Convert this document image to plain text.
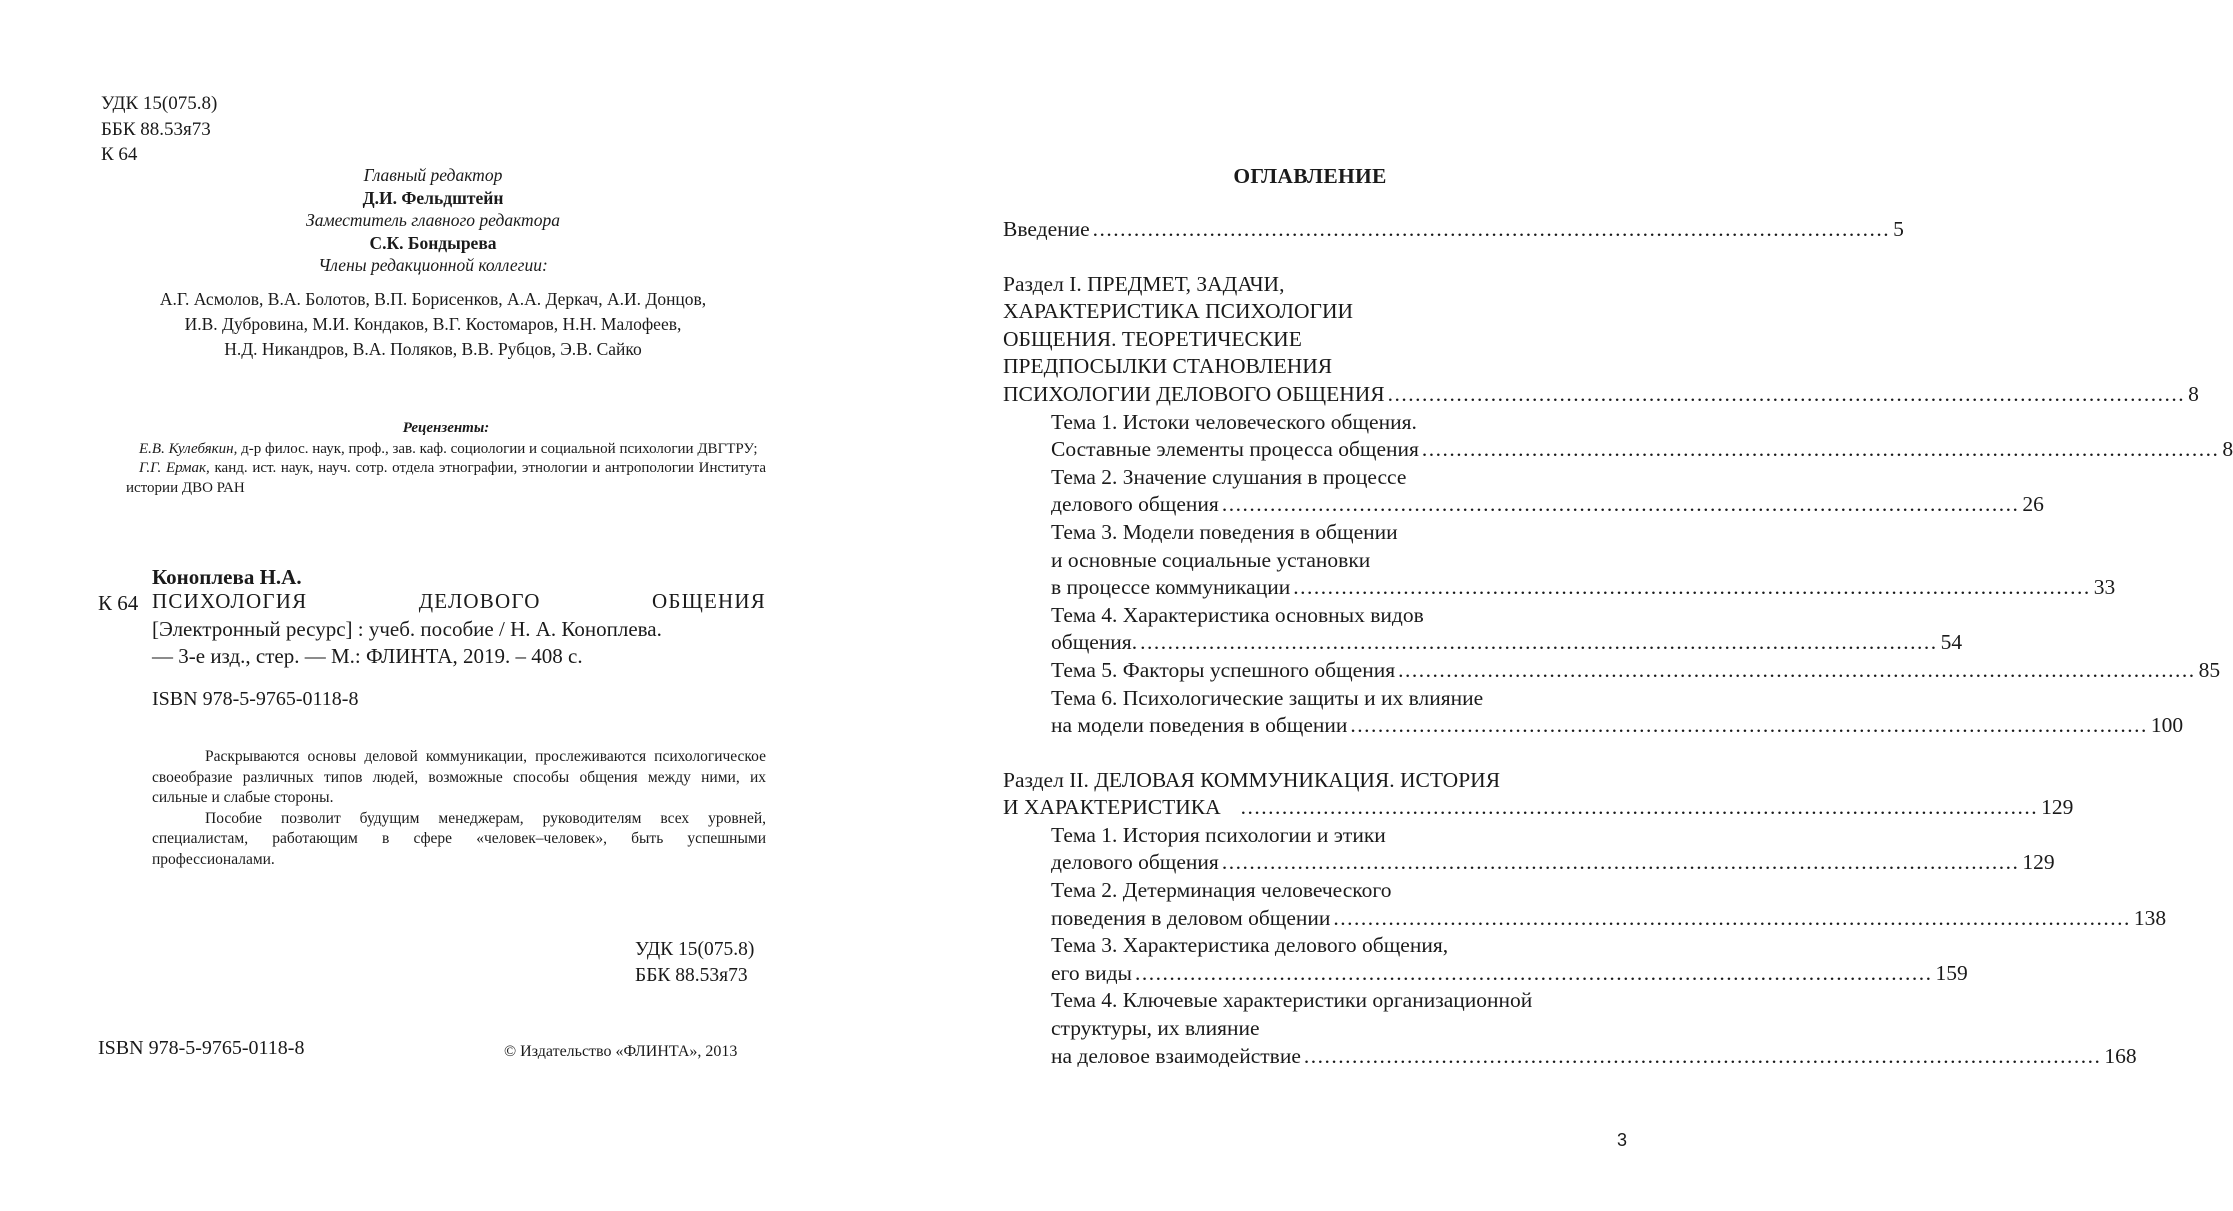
УДК 15(075.8)
ББК 88.53я73
К 64
Главный редактор
Д.И. Фельдштейн
Заместитель главного редактора
С.К. Бондырева
Члены редакционной коллегии:
А.Г. Асмолов, В.А. Болотов, В.П. Борисенков, А.А. Деркач, А.И. Донцов,
И.В. Дубровина, М.И. Кондаков, В.Г. Костомаров, Н.Н. Малофеев,
Н.Д. Никандров, В.А. Поляков, В.В. Рубцов, Э.В. Сайко
Рецензенты:
Е.В. Кулебякин, д-р филос. наук, проф., зав. каф. социологии и социальной психологии ДВГТРУ;
Г.Г. Ермак, канд. ист. наук, науч. сотр. отдела этнографии, этнологии и антропологии Института истории ДВО РАН
Коноплева Н.А.
К 64 ПСИХОЛОГИЯ	ДЕЛОВОГО	ОБЩЕНИЯ
[Электронный ресурс] : учеб. пособие / Н. А. Коноплева.
— 3-е изд., стер. — М.: ФЛИНТА, 2019. – 408 с.
ISBN 978-5-9765-0118-8

Раскрываются основы деловой коммуникации, прослеживаются психологическое своеобразие различных типов людей, возможные способы общения между ними, их сильные и слабые стороны.

Пособие позволит будущим менеджерам, руководителям всех уровней, специалистам, работающим в сфере «человек–человек», быть успешными профессионалами.

УДК 15(075.8)
ББК 88.53я73
ISBN 978-5-9765-0118-8	© Издательство «ФЛИНТА», 2013
ОГЛАВЛЕНИЕ
Введение .................................................................................................................... 5
Раздел I. ПРЕДМЕТ, ЗАДАЧИ,
ХАРАКТЕРИСТИКА ПСИХОЛОГИИ
ОБЩЕНИЯ. ТЕОРЕТИЧЕСКИЕ
ПРЕДПОСЫЛКИ СТАНОВЛЕНИЯ
ПСИХОЛОГИИ ДЕЛОВОГО ОБЩЕНИЯ .................................................................................................................... 8
Тема 1. Истоки человеческого общения.
Составные элементы процесса общения .................................................................................................................... 8
Тема 2. Значение слушания в процессе
делового общения .................................................................................................................... 26
Тема 3. Модели поведения в общении
и основные социальные установки
в процессе коммуникации .................................................................................................................... 33
Тема 4. Характеристика основных видов
общения. .................................................................................................................... 54
Тема 5. Факторы успешного общения .................................................................................................................... 85
Тема 6. Психологические защиты и их влияние
на модели поведения в общении .................................................................................................................... 100
Раздел II. ДЕЛОВАЯ КОММУНИКАЦИЯ. ИСТОРИЯ
И ХАРАКТЕРИСТИКА .................................................................................................................... 129
Тема 1. История психологии и этики
делового общения .................................................................................................................... 129
Тема 2. Детерминация человеческого
поведения в деловом общении .................................................................................................................... 138
Тема 3. Характеристика делового общения,
его виды .................................................................................................................... 159
Тема 4. Ключевые характеристики организационной
структуры, их влияние
на деловое взаимодействие .................................................................................................................... 168
3
